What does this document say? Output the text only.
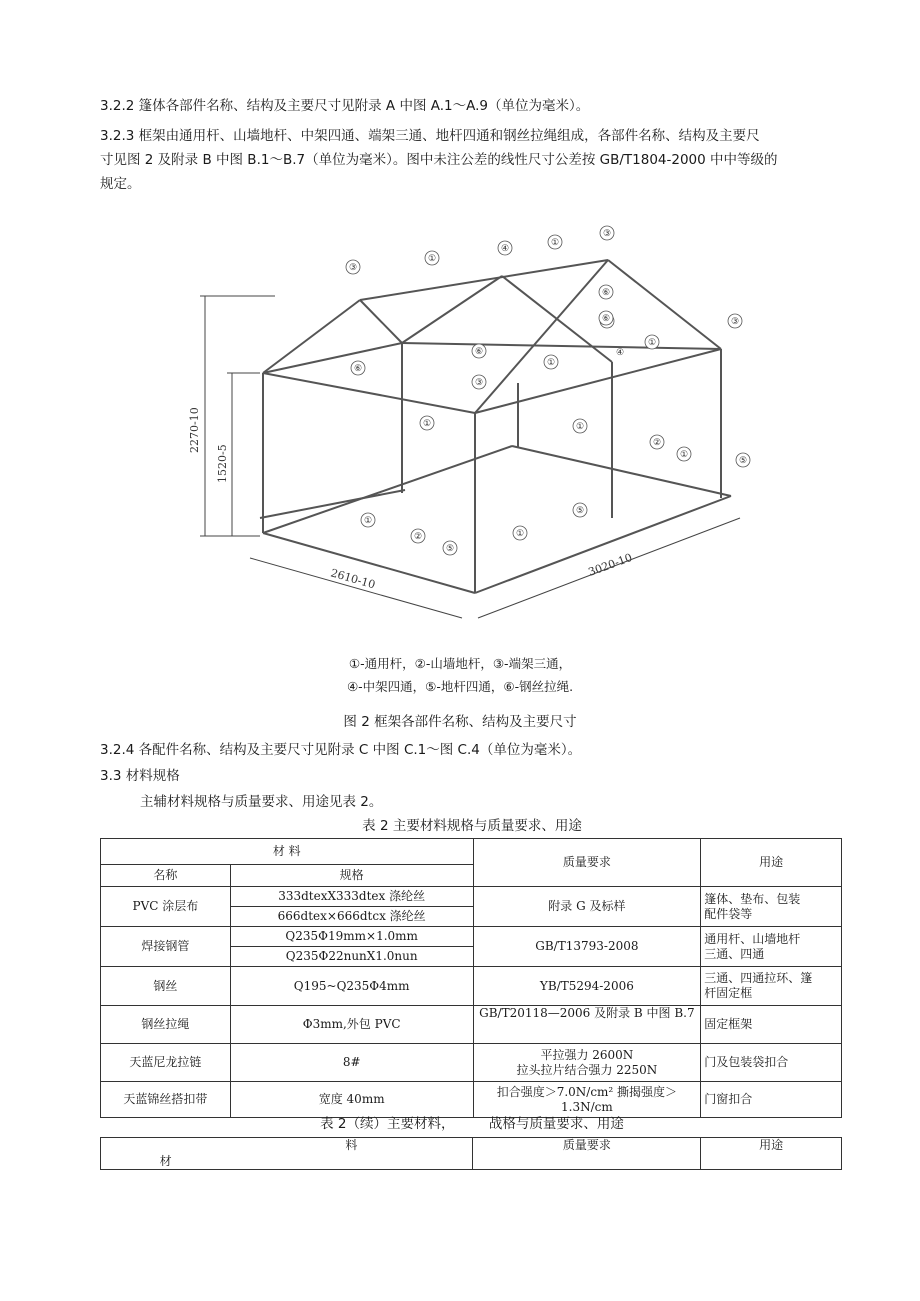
3.2.2 篷体各部件名称、结构及主要尺寸见附录 A 中图 A.1～A.9（单位为毫米）。
3.2.3 框架由通用杆、山墙地杆、中架四通、端架三通、地杆四通和钢丝拉绳组成，各部件名称、结构及主要尺
寸见图 2 及附录 B 中图 B.1～B.7（单位为毫米）。图中未注公差的线性尺寸公差按 GB/T1804-2000 中中等级的
规定。
2270-10
1520-5
2610-10
3020-10
③
①
④
①
③
③
⑥
①
⑥
①
④
③
①	①
②
①
⑤
①
②
⑤
①
⑤
⑥
⑥
①-通用杆，②-山墙地杆，③-端架三通，
④-中架四通，⑤-地杆四通，⑥-钢丝拉绳.
图 2 框架各部件名称、结构及主要尺寸
3.2.4 各配件名称、结构及主要尺寸见附录 C 中图 C.1～图 C.4（单位为毫米）。
3.3 材料规格
主辅材料规格与质量要求、用途见表 2。
表 2 主要材料规格与质量要求、用途
材 料		质量要求	用途
名称	规格		
PVC 涂层布	333dtexX333dtex 涤纶丝	附录 G 及标样	篷体、垫布、包装
配件袋等
	666dtex×666dtcx 涤纶丝		
焊接钢管	Q235Φ19mm×1.0mm	GB/T13793-2008	通用杆、山墙地杆
三通、四通
	Q235Φ22nunX1.0nun		
钢丝	Q195~Q235Φ4mm	YB/T5294-2006	三通、四通拉环、篷
杆固定框
钢丝拉绳	Φ3mm,外包 PVC	GB/T20118—2006 及附录 B 中图 B.7	固定框架
天蓝尼龙拉链	8#	平拉强力 2600N
拉头拉片结合强力 2250N	门及包装袋扣合
天蓝锦丝搭扣带	宽度 40mm	扣合强度＞7.0N/cm² 撕揭强度＞
1.3N/cm	门窗扣合
表 2（续）主要材料，        战格与质量要求、用途
材	料	质量要求	用途
